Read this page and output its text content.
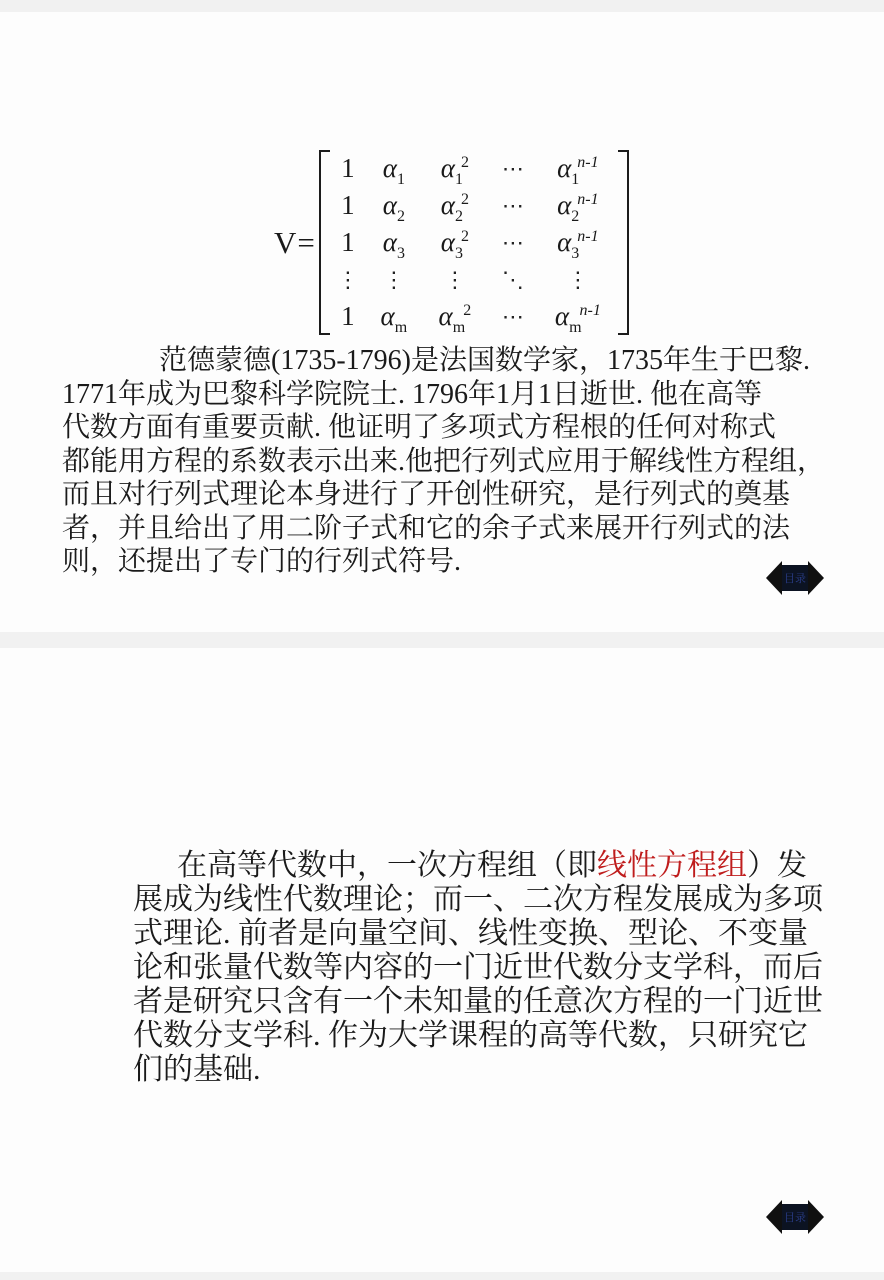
V=
1	$\alpha_1$	$\alpha_1^2$	⋯	$\alpha_1^{n-1}$
1	$\alpha_2$	$\alpha_2^2$	⋯	$\alpha_2^{n-1}$
1	$\alpha_3$	$\alpha_3^2$	⋯	$\alpha_3^{n-1}$
⋮	⋮	⋮	⋱	⋮
1	$\alpha_m$	$\alpha_m^2$	⋯	$\alpha_m^{n-1}$
范德蒙德(1735-1796)是法国数学家，1735年生于巴黎.
1771年成为巴黎科学院院士. 1796年1月1日逝世. 他在高等
代数方面有重要贡献. 他证明了多项式方程根的任何对称式
都能用方程的系数表示出来.他把行列式应用于解线性方程组，
而且对行列式理论本身进行了开创性研究，是行列式的奠基
者，并且给出了用二阶子式和它的余子式来展开行列式的法
则，还提出了专门的行列式符号.
目录
在高等代数中，一次方程组（即线性方程组）发
展成为线性代数理论；而一、二次方程发展成为多项
式理论. 前者是向量空间、线性变换、型论、不变量
论和张量代数等内容的一门近世代数分支学科，而后
者是研究只含有一个未知量的任意次方程的一门近世
代数分支学科. 作为大学课程的高等代数，只研究它
们的基础.
目录
